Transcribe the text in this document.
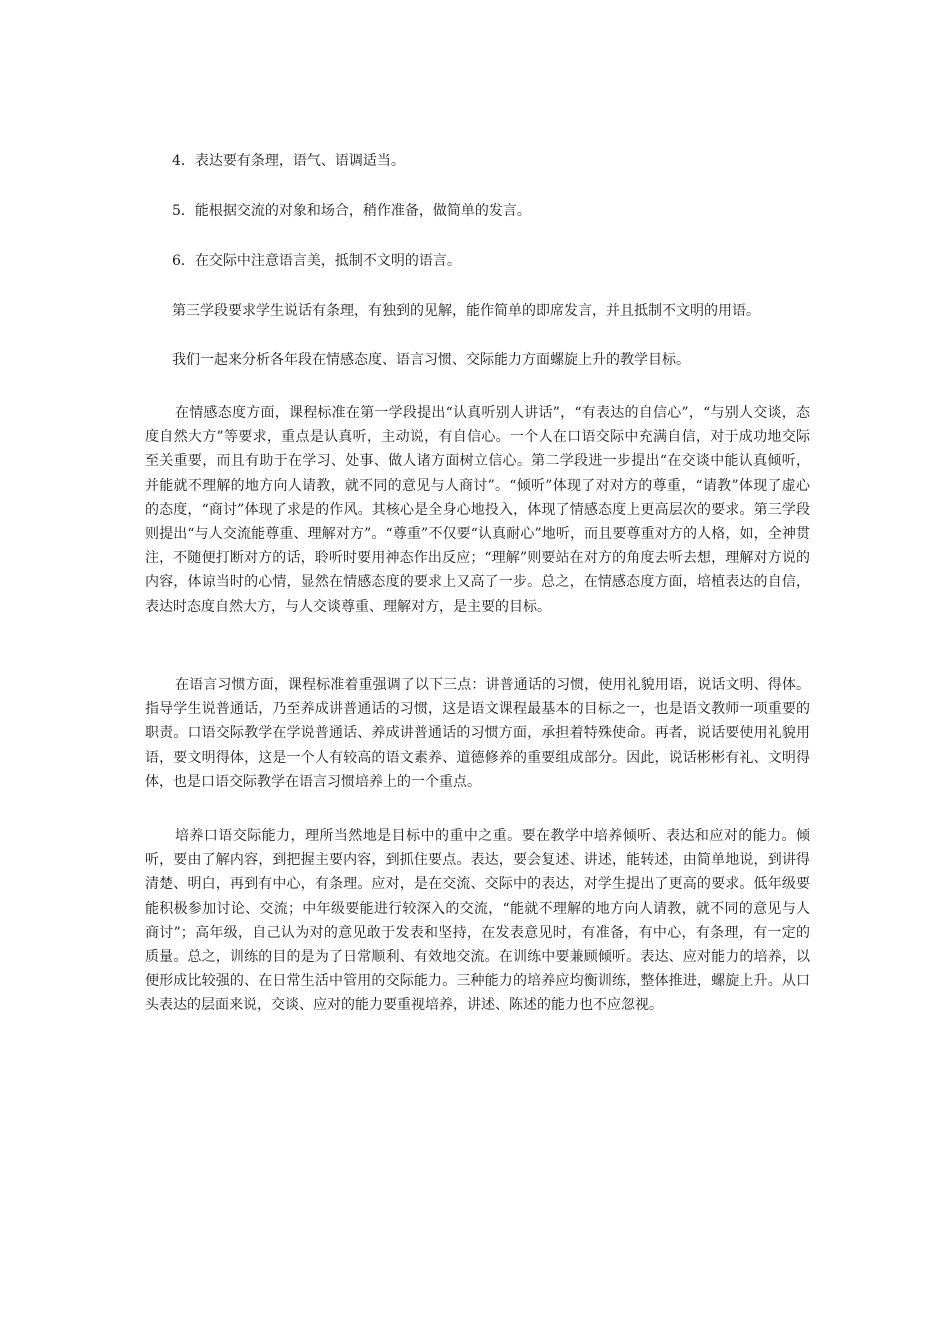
4．表达要有条理，语气、语调适当。

5．能根据交流的对象和场合，稍作准备，做简单的发言。

6．在交际中注意语言美，抵制不文明的语言。

第三学段要求学生说话有条理，有独到的见解，能作简单的即席发言，并且抵制不文明的用语。

我们一起来分析各年段在情感态度、语言习惯、交际能力方面螺旋上升的教学目标。

在情感态度方面，课程标准在第一学段提出“认真听别人讲话”，“有表达的自信心”，“与别人交谈，态度自然大方”等要求，重点是认真听，主动说，有自信心。一个人在口语交际中充满自信，对于成功地交际至关重要，而且有助于在学习、处事、做人诸方面树立信心。第二学段进一步提出“在交谈中能认真倾听，并能就不理解的地方向人请教，就不同的意见与人商讨”。“倾听”体现了对对方的尊重，“请教”体现了虚心的态度，“商讨”体现了求是的作风。其核心是全身心地投入，体现了情感态度上更高层次的要求。第三学段则提出“与人交流能尊重、理解对方”。“尊重”不仅要“认真耐心”地听，而且要尊重对方的人格，如，全神贯注，不随便打断对方的话，聆听时要用神态作出反应；“理解”则要站在对方的角度去听去想，理解对方说的内容，体谅当时的心情，显然在情感态度的要求上又高了一步。总之，在情感态度方面，培植表达的自信，表达时态度自然大方，与人交谈尊重、理解对方，是主要的目标。

在语言习惯方面，课程标准着重强调了以下三点：讲普通话的习惯，使用礼貌用语，说话文明、得体。指导学生说普通话，乃至养成讲普通话的习惯，这是语文课程最基本的目标之一，也是语文教师一项重要的职责。口语交际教学在学说普通话、养成讲普通话的习惯方面，承担着特殊使命。再者，说话要使用礼貌用语，要文明得体，这是一个人有较高的语文素养、道德修养的重要组成部分。因此，说话彬彬有礼、文明得体，也是口语交际教学在语言习惯培养上的一个重点。

培养口语交际能力，理所当然地是目标中的重中之重。要在教学中培养倾听、表达和应对的能力。倾听，要由了解内容，到把握主要内容，到抓住要点。表达，要会复述、讲述，能转述，由简单地说，到讲得清楚、明白，再到有中心，有条理。应对，是在交流、交际中的表达，对学生提出了更高的要求。低年级要能积极参加讨论、交流；中年级要能进行较深入的交流，“能就不理解的地方向人请教，就不同的意见与人商讨”；高年级，自己认为对的意见敢于发表和坚持，在发表意见时，有准备，有中心，有条理，有一定的质量。总之，训练的目的是为了日常顺利、有效地交流。在训练中要兼顾倾听。表达、应对能力的培养，以便形成比较强的、在日常生活中管用的交际能力。三种能力的培养应均衡训练，整体推进，螺旋上升。从口头表达的层面来说，交谈、应对的能力要重视培养，讲述、陈述的能力也不应忽视。
